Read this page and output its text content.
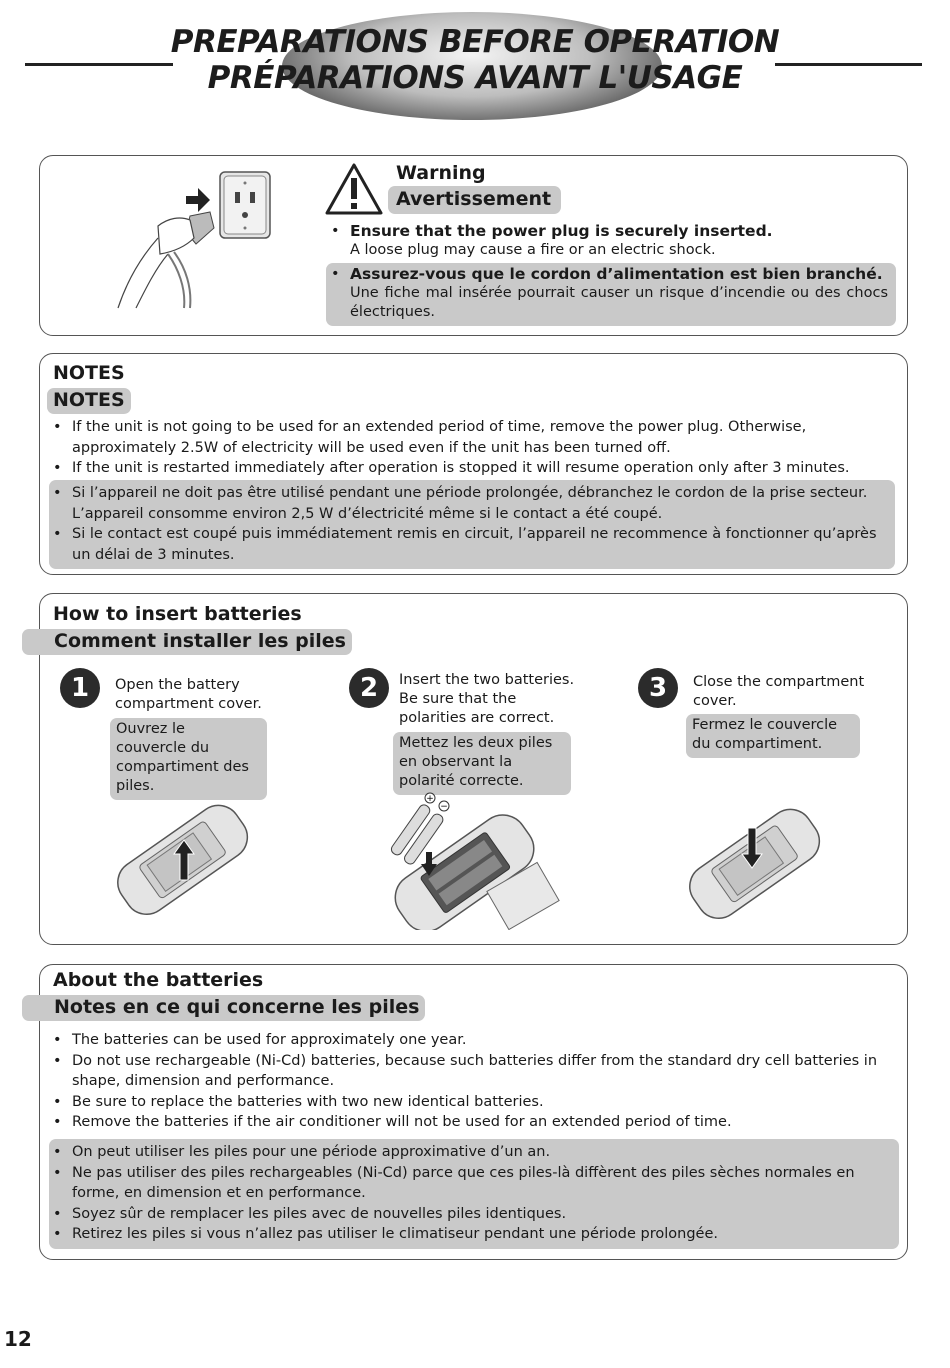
PREPARATIONS BEFORE OPERATION
PRÉPARATIONS AVANT L'USAGE
Warning
Avertissement
• Ensure that the power plug is securely inserted.
A loose plug may cause a fire or an electric shock.
• Assurez-vous que le cordon d’alimentation est bien branché.
Une fiche mal insérée pourrait causer un risque d’incendie ou des chocs électriques.
NOTES
NOTES
• If the unit is not going to be used for an extended period of time, remove the power plug. Otherwise, approximately 2.5W of electricity will be used even if the unit has been turned off.
• If the unit is restarted immediately after operation is stopped it will resume operation only after 3 minutes.
• Si l’appareil ne doit pas être utilisé pendant une période prolongée, débranchez le cordon de la prise secteur. L’appareil consomme environ 2,5 W d’électricité même si le contact a été coupé.
• Si le contact est coupé puis immédiatement remis en circuit, l’appareil ne recommence à fonctionner qu’après un délai de 3 minutes.
How to insert batteries
Comment installer les piles
1	Open the battery compartment cover.
Ouvrez le couvercle du compartiment des piles.
2	Insert the two batteries. Be sure that the polarities are correct.
Mettez les deux piles en observant la polarité correcte.
3	Close the compartment cover.
Fermez le couvercle du compartiment.
+
−
About the batteries
Notes en ce qui concerne les piles
• The batteries can be used for approximately one year.
• Do not use rechargeable (Ni-Cd) batteries, because such batteries differ from the standard dry cell batteries in shape, dimension and performance.
• Be sure to replace the batteries with two new identical batteries.
• Remove the batteries if the air conditioner will not be used for an extended period of time.
• On peut utiliser les piles pour une période approximative d’un an.
• Ne pas utiliser des piles rechargeables (Ni-Cd) parce que ces piles-là diffèrent des piles sèches normales en forme, en dimension et en performance.
• Soyez sûr de remplacer les piles avec de nouvelles piles identiques.
• Retirez les piles si vous n’allez pas utiliser le climatiseur pendant une période prolongée.
12
